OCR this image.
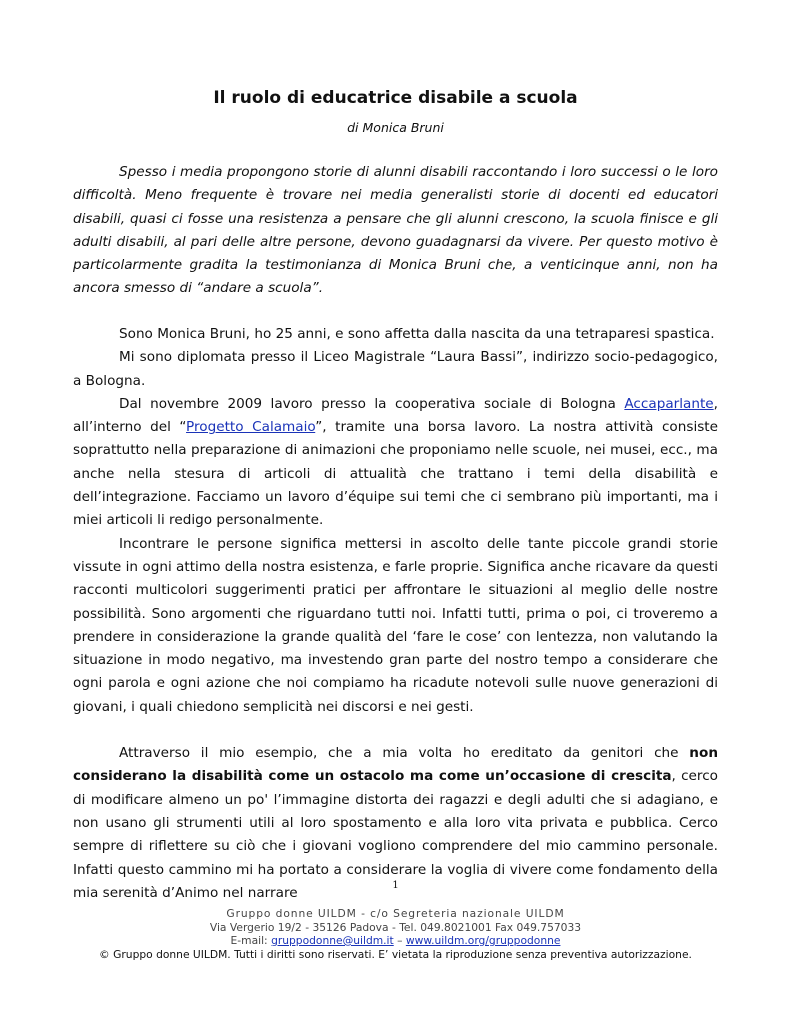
Il ruolo di educatrice disabile a scuola
di Monica Bruni

Spesso i media propongono storie di alunni disabili raccontando i loro successi o le loro difficoltà. Meno frequente è trovare nei media generalisti storie di docenti ed educatori disabili, quasi ci fosse una resistenza a pensare che gli alunni crescono, la scuola finisce e gli adulti disabili, al pari delle altre persone, devono guadagnarsi da vivere. Per questo motivo è particolarmente gradita la testimonianza di Monica Bruni che, a venticinque anni, non ha ancora smesso di “andare a scuola”.

Sono Monica Bruni, ho 25 anni, e sono affetta dalla nascita da una tetraparesi spastica.

Mi sono diplomata presso il Liceo Magistrale “Laura Bassi”, indirizzo socio-pedagogico, a Bologna.

Dal novembre 2009 lavoro presso la cooperativa sociale di Bologna Accaparlante, all’interno del “Progetto Calamaio”, tramite una borsa lavoro. La nostra attività consiste soprattutto nella preparazione di animazioni che proponiamo nelle scuole, nei musei, ecc., ma anche nella stesura di articoli di attualità che trattano i temi della disabilità e dell’integrazione. Facciamo un lavoro d’équipe sui temi che ci sembrano più importanti, ma i miei articoli li redigo personalmente.

Incontrare le persone significa mettersi in ascolto delle tante piccole grandi storie vissute in ogni attimo della nostra esistenza, e farle proprie. Significa anche ricavare da questi racconti multicolori suggerimenti pratici per affrontare le situazioni al meglio delle nostre possibilità. Sono argomenti che riguardano tutti noi. Infatti tutti, prima o poi, ci troveremo a prendere in considerazione la grande qualità del ‘fare le cose’ con lentezza, non valutando la situazione in modo negativo, ma investendo gran parte del nostro tempo a considerare che ogni parola e ogni azione che noi compiamo ha ricadute notevoli sulle nuove generazioni di giovani, i quali chiedono semplicità nei discorsi e nei gesti.

Attraverso il mio esempio, che a mia volta ho ereditato da genitori che non considerano la disabilità come un ostacolo ma come un’occasione di crescita, cerco di modificare almeno un po' l’immagine distorta dei ragazzi e degli adulti che si adagiano, e non usano gli strumenti utili al loro spostamento e alla loro vita privata e pubblica. Cerco sempre di riflettere su ciò che i giovani vogliono comprendere del mio cammino personale. Infatti questo cammino mi ha portato a considerare la voglia di vivere come fondamento della mia serenità d’Animo nel narrare	1
Gruppo donne UILDM - c/o Segreteria nazionale UILDM
Via Vergerio 19/2 - 35126 Padova - Tel. 049.8021001 Fax 049.757033
E-mail: gruppodonne@uildm.it – www.uildm.org/gruppodonne
© Gruppo donne UILDM. Tutti i diritti sono riservati. E’ vietata la riproduzione senza preventiva autorizzazione.
